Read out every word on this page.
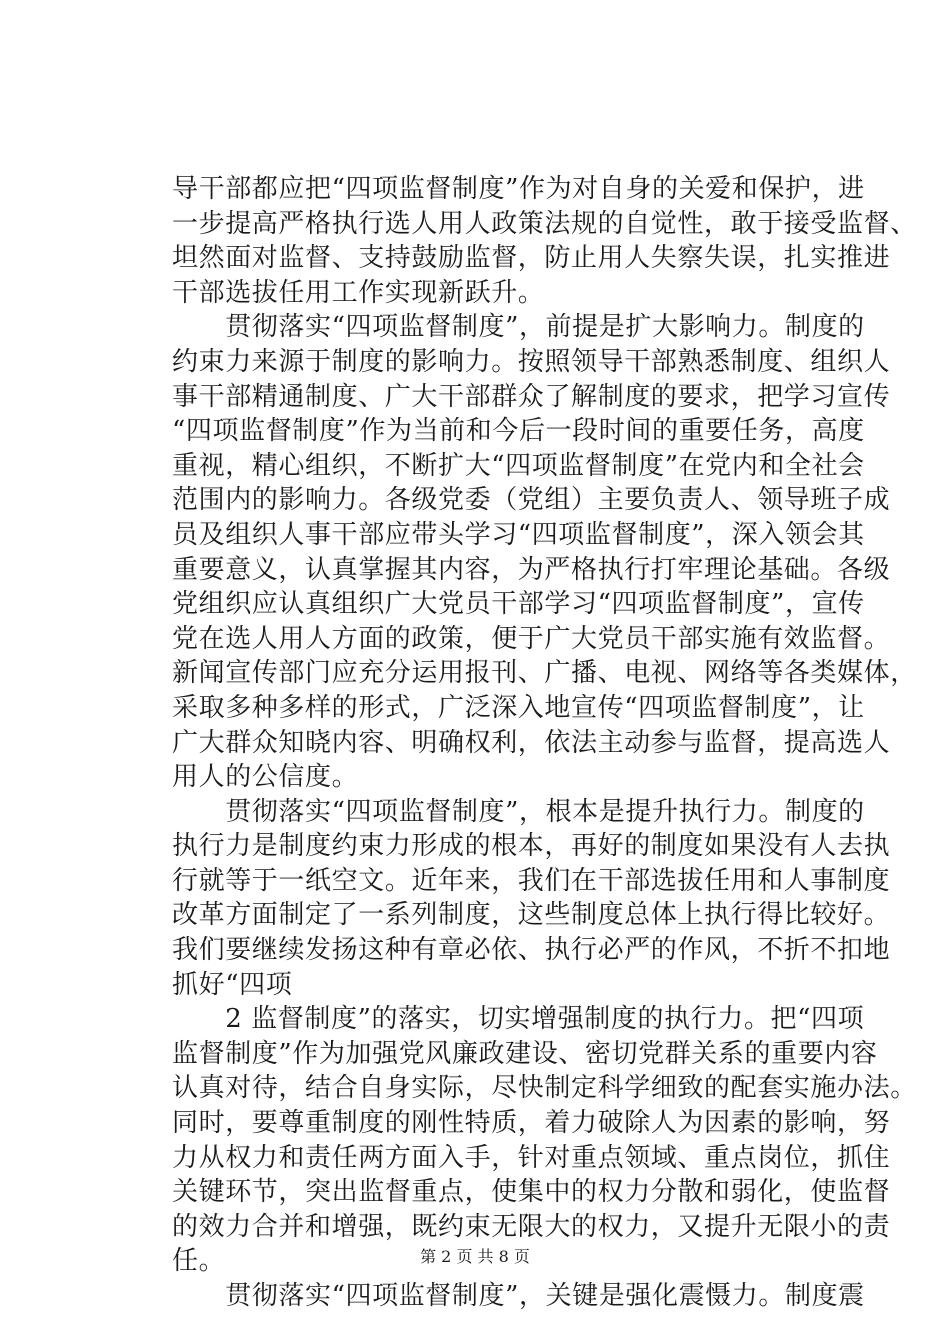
导干部都应把“四项监督制度”作为对自身的关爱和保护，进
一步提高严格执行选人用人政策法规的自觉性，敢于接受监督、
坦然面对监督、支持鼓励监督，防止用人失察失误，扎实推进
干部选拔任用工作实现新跃升。
　　贯彻落实“四项监督制度”，前提是扩大影响力。制度的
约束力来源于制度的影响力。按照领导干部熟悉制度、组织人
事干部精通制度、广大干部群众了解制度的要求，把学习宣传
“四项监督制度”作为当前和今后一段时间的重要任务，高度
重视，精心组织，不断扩大“四项监督制度”在党内和全社会
范围内的影响力。各级党委（党组）主要负责人、领导班子成
员及组织人事干部应带头学习“四项监督制度”，深入领会其
重要意义，认真掌握其内容，为严格执行打牢理论基础。各级
党组织应认真组织广大党员干部学习“四项监督制度”，宣传
党在选人用人方面的政策，便于广大党员干部实施有效监督。
新闻宣传部门应充分运用报刊、广播、电视、网络等各类媒体，
采取多种多样的形式，广泛深入地宣传“四项监督制度”，让
广大群众知晓内容、明确权利，依法主动参与监督，提高选人
用人的公信度。
　　贯彻落实“四项监督制度”，根本是提升执行力。制度的
执行力是制度约束力形成的根本，再好的制度如果没有人去执
行就等于一纸空文。近年来，我们在干部选拔任用和人事制度
改革方面制定了一系列制度，这些制度总体上执行得比较好。
我们要继续发扬这种有章必依、执行必严的作风，不折不扣地
抓好“四项
　　2 监督制度”的落实，切实增强制度的执行力。把“四项
监督制度”作为加强党风廉政建设、密切党群关系的重要内容
认真对待，结合自身实际，尽快制定科学细致的配套实施办法。
同时，要尊重制度的刚性特质，着力破除人为因素的影响，努
力从权力和责任两方面入手，针对重点领域、重点岗位，抓住
关键环节，突出监督重点，使集中的权力分散和弱化，使监督
的效力合并和增强，既约束无限大的权力，又提升无限小的责
任。
　　贯彻落实“四项监督制度”，关键是强化震慑力。制度震
第 2 页 共 8 页
